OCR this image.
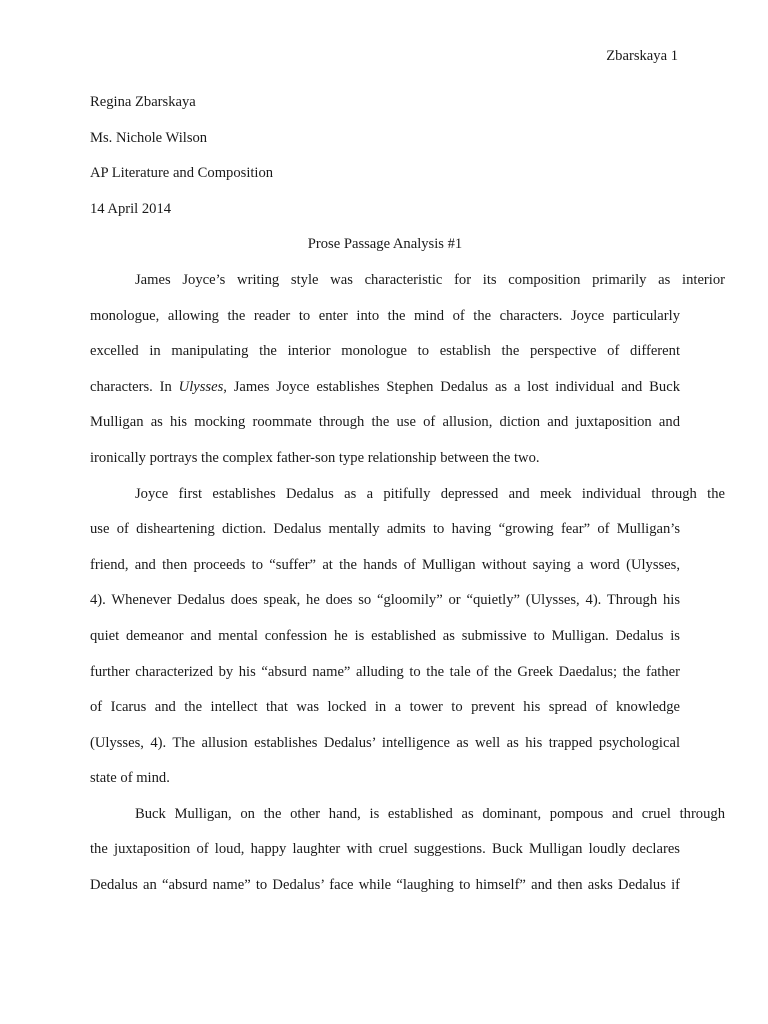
Zbarskaya 1
Regina Zbarskaya
Ms. Nichole Wilson
AP Literature and Composition
14 April 2014
Prose Passage Analysis #1
James Joyce’s writing style was characteristic for its composition primarily as interior
monologue, allowing the reader to enter into the mind of the characters. Joyce particularly
excelled in manipulating the interior monologue to establish the perspective of different
characters. In Ulysses, James Joyce establishes Stephen Dedalus as a lost individual and Buck
Mulligan as his mocking roommate through the use of allusion, diction and juxtaposition and
ironically portrays the complex father-son type relationship between the two.
Joyce first establishes Dedalus as a pitifully depressed and meek individual through the
use of disheartening diction. Dedalus mentally admits to having “growing fear” of Mulligan’s
friend, and then proceeds to “suffer” at the hands of Mulligan without saying a word (Ulysses,
4). Whenever Dedalus does speak, he does so “gloomily” or “quietly” (Ulysses, 4). Through his
quiet demeanor and mental confession he is established as submissive to Mulligan. Dedalus is
further characterized by his “absurd name” alluding to the tale of the Greek Daedalus; the father
of Icarus and the intellect that was locked in a tower to prevent his spread of knowledge
(Ulysses, 4). The allusion establishes Dedalus’ intelligence as well as his trapped psychological
state of mind.
Buck Mulligan, on the other hand, is established as dominant, pompous and cruel through
the juxtaposition of loud, happy laughter with cruel suggestions. Buck Mulligan loudly declares
Dedalus an “absurd name” to Dedalus’ face while “laughing to himself” and then asks Dedalus if
